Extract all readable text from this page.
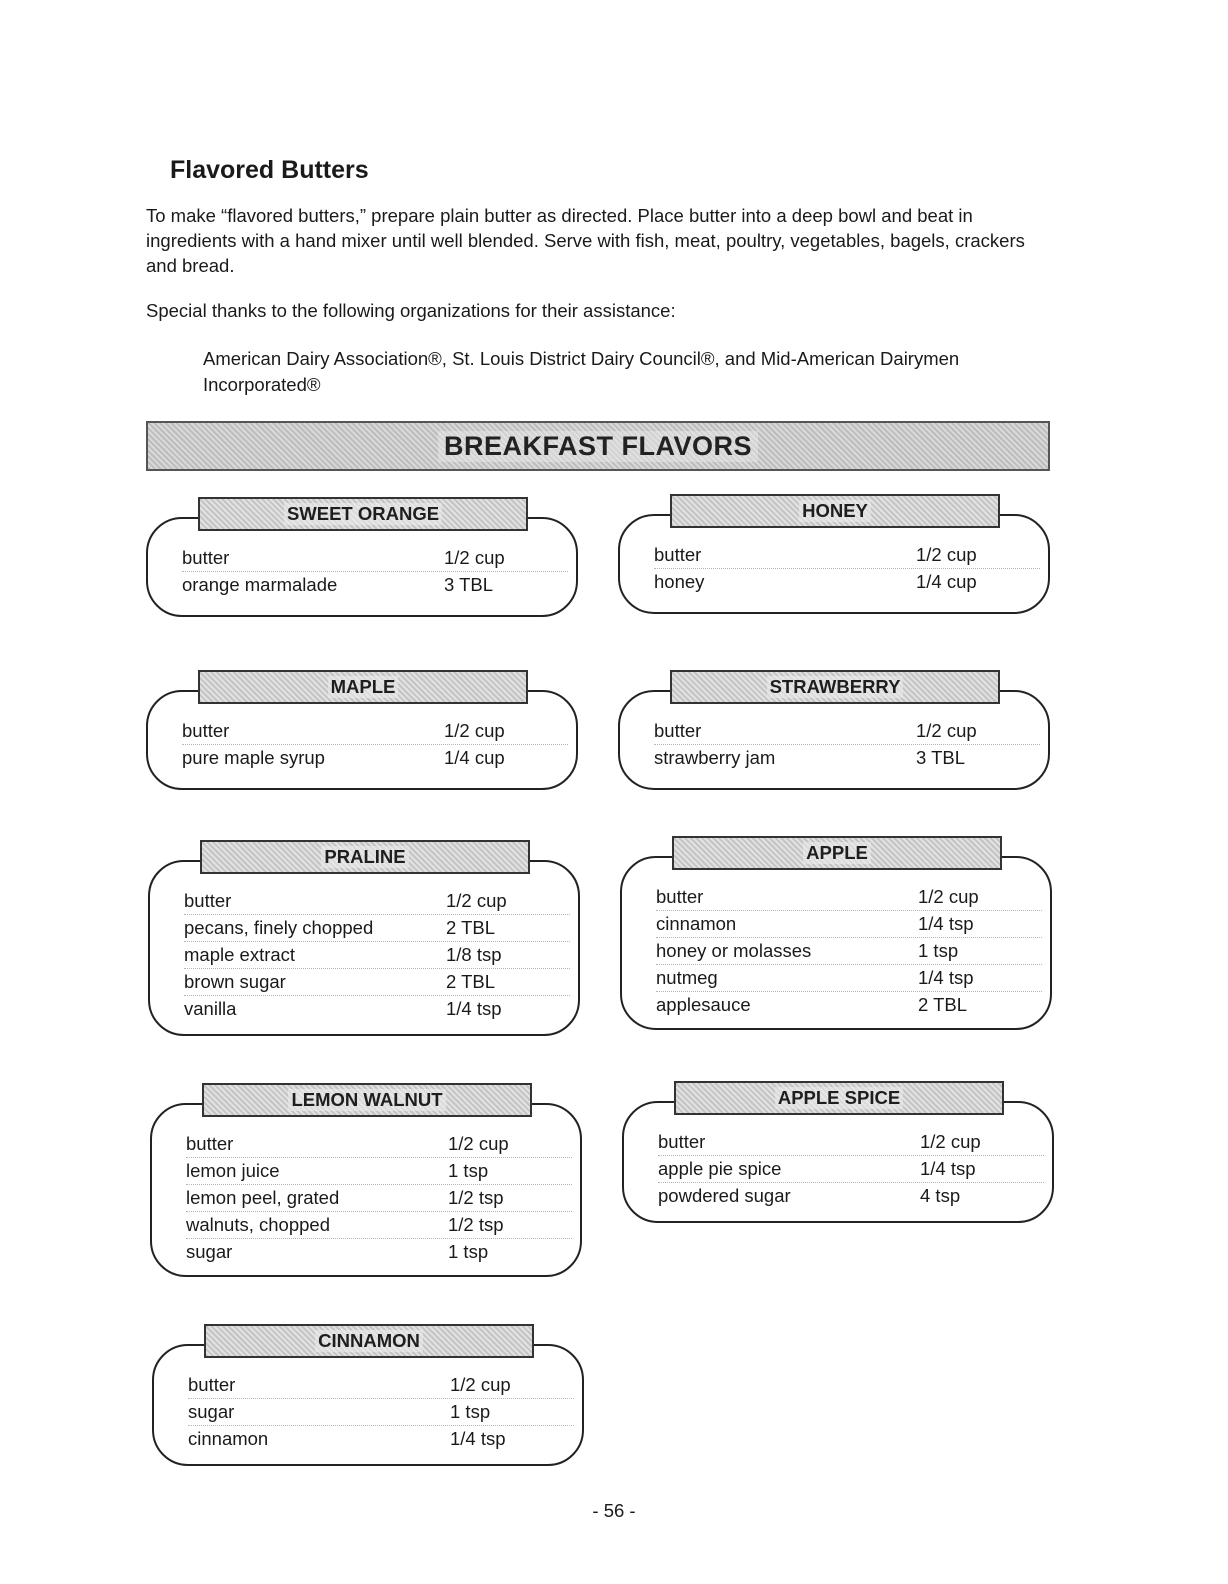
Flavored Butters

To make “flavored butters,” prepare plain butter as directed. Place butter into a deep bowl and beat in ingredients with a hand mixer until well blended. Serve with fish, meat, poultry, vegetables, bagels, crackers and bread.

Special thanks to the following organizations for their assistance:

American Dairy Association®, St. Louis District Dairy Council®, and Mid-American Dairymen Incorporated®

BREAKFAST FLAVORS
SWEET ORANGE
butter	1/2 cup
orange marmalade	3 TBL
HONEY
butter	1/2 cup
honey	1/4 cup
MAPLE
butter	1/2 cup
pure maple syrup	1/4 cup
STRAWBERRY
butter	1/2 cup
strawberry jam	3 TBL
PRALINE
butter	1/2 cup
pecans, finely chopped	2 TBL
maple extract	1/8 tsp
brown sugar	2 TBL
vanilla	1/4 tsp
APPLE
butter	1/2 cup
cinnamon	1/4 tsp
honey or molasses	1 tsp
nutmeg	1/4 tsp
applesauce	2 TBL
LEMON WALNUT
butter	1/2 cup
lemon juice	1 tsp
lemon peel, grated	1/2 tsp
walnuts, chopped	1/2 tsp
sugar	1 tsp
APPLE SPICE
butter	1/2 cup
apple pie spice	1/4 tsp
powdered sugar	4 tsp
CINNAMON
butter	1/2 cup
sugar	1 tsp
cinnamon	1/4 tsp
- 56 -
